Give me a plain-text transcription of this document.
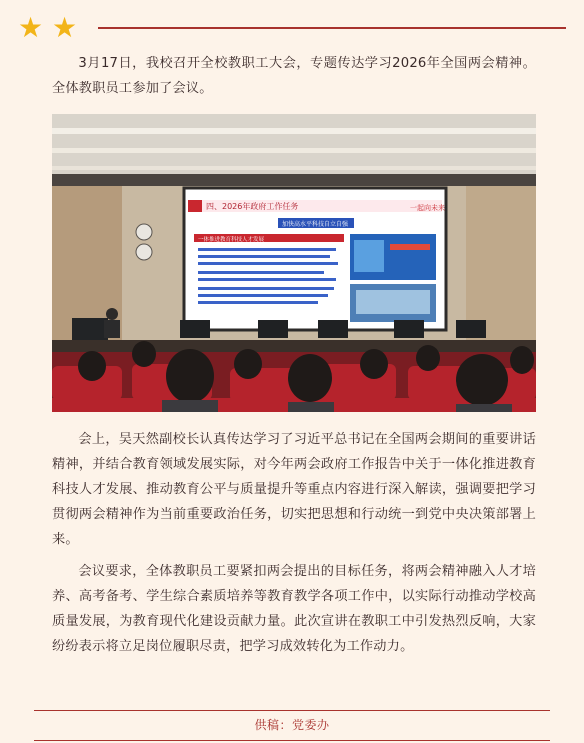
★ ★

3月17日，我校召开全校教职工大会，专题传达学习2026年全国两会精神。全体教职员工参加了会议。

四、2026年政府工作任务	一起向未来
加快高水平科技自立自强
一体推进教育科技人才发展

会上，吴天然副校长认真传达学习了习近平总书记在全国两会期间的重要讲话精神，并结合教育领域发展实际，对今年两会政府工作报告中关于一体化推进教育科技人才发展、推动教育公平与质量提升等重点内容进行深入解读，强调要把学习贯彻两会精神作为当前重要政治任务，切实把思想和行动统一到党中央决策部署上来。

会议要求，全体教职员工要紧扣两会提出的目标任务，将两会精神融入人才培养、高考备考、学生综合素质培养等教育教学各项工作中，以实际行动推动学校高质量发展，为教育现代化建设贡献力量。此次宣讲在教职工中引发热烈反响，大家纷纷表示将立足岗位履职尽责，把学习成效转化为工作动力。

供稿：党委办
